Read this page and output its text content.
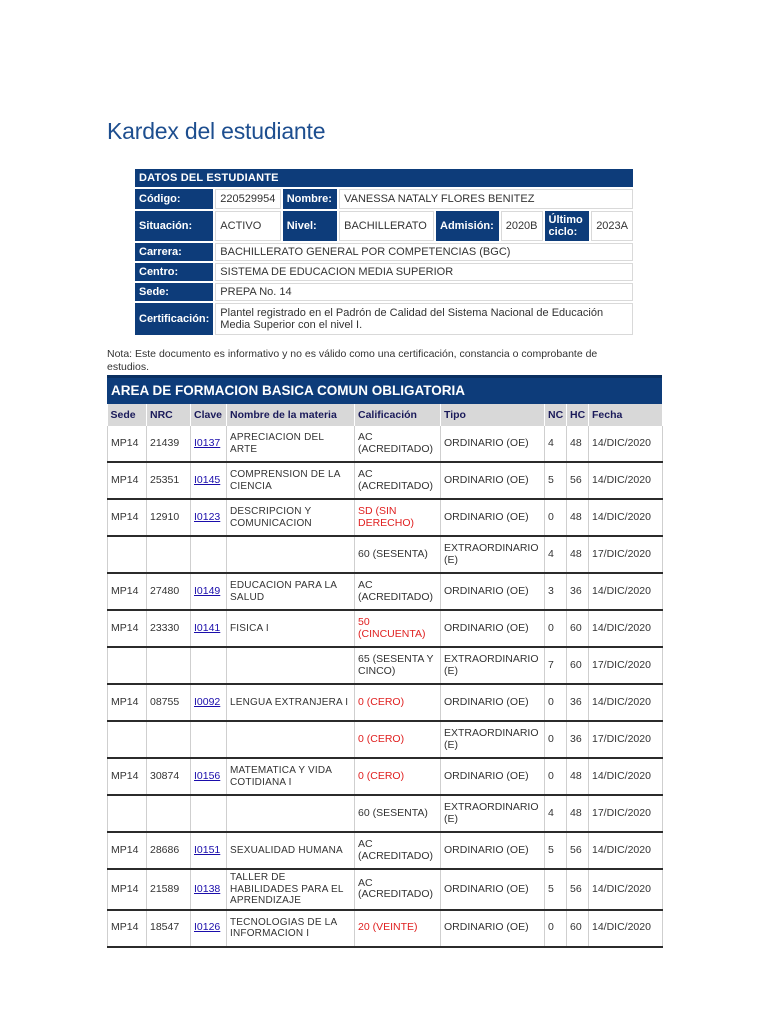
Kardex del estudiante
DATOS DEL ESTUDIANTE							
Código:	220529954	Nombre:	VANESSA NATALY FLORES BENITEZ				
Situación:	ACTIVO	Nivel:	BACHILLERATO	Admisión:	2020B	Último ciclo:	2023A
Carrera:	BACHILLERATO GENERAL POR COMPETENCIAS (BGC)						
Centro:	SISTEMA DE EDUCACION MEDIA SUPERIOR						
Sede:	PREPA No. 14						
Certificación:	Plantel registrado en el Padrón de Calidad del Sistema Nacional de Educación Media Superior con el nivel I.						

Nota: Este documento es informativo y no es válido como una certificación, constancia o comprobante de estudios.

AREA DE FORMACION BASICA COMUN OBLIGATORIA
Sede	NRC	Clave	Nombre de la materia	Calificación	Tipo	NC	HC	Fecha
MP14	21439	I0137	APRECIACION DEL ARTE	AC (ACREDITADO)	ORDINARIO (OE)	4	48	14/DIC/2020
MP14	25351	I0145	COMPRENSION DE LA CIENCIA	AC (ACREDITADO)	ORDINARIO (OE)	5	56	14/DIC/2020
MP14	12910	I0123	DESCRIPCION Y COMUNICACION	SD (SIN DERECHO)	ORDINARIO (OE)	0	48	14/DIC/2020
				60 (SESENTA)	EXTRAORDINARIO (E)	4	48	17/DIC/2020
MP14	27480	I0149	EDUCACION PARA LA SALUD	AC (ACREDITADO)	ORDINARIO (OE)	3	36	14/DIC/2020
MP14	23330	I0141	FISICA I	50 (CINCUENTA)	ORDINARIO (OE)	0	60	14/DIC/2020
				65 (SESENTA Y CINCO)	EXTRAORDINARIO (E)	7	60	17/DIC/2020
MP14	08755	I0092	LENGUA EXTRANJERA I	0 (CERO)	ORDINARIO (OE)	0	36	14/DIC/2020
				0 (CERO)	EXTRAORDINARIO (E)	0	36	17/DIC/2020
MP14	30874	I0156	MATEMATICA Y VIDA COTIDIANA I	0 (CERO)	ORDINARIO (OE)	0	48	14/DIC/2020
				60 (SESENTA)	EXTRAORDINARIO (E)	4	48	17/DIC/2020
MP14	28686	I0151	SEXUALIDAD HUMANA	AC (ACREDITADO)	ORDINARIO (OE)	5	56	14/DIC/2020
MP14	21589	I0138	TALLER DE HABILIDADES PARA EL APRENDIZAJE	AC (ACREDITADO)	ORDINARIO (OE)	5	56	14/DIC/2020
MP14	18547	I0126	TECNOLOGIAS DE LA INFORMACION I	20 (VEINTE)	ORDINARIO (OE)	0	60	14/DIC/2020
